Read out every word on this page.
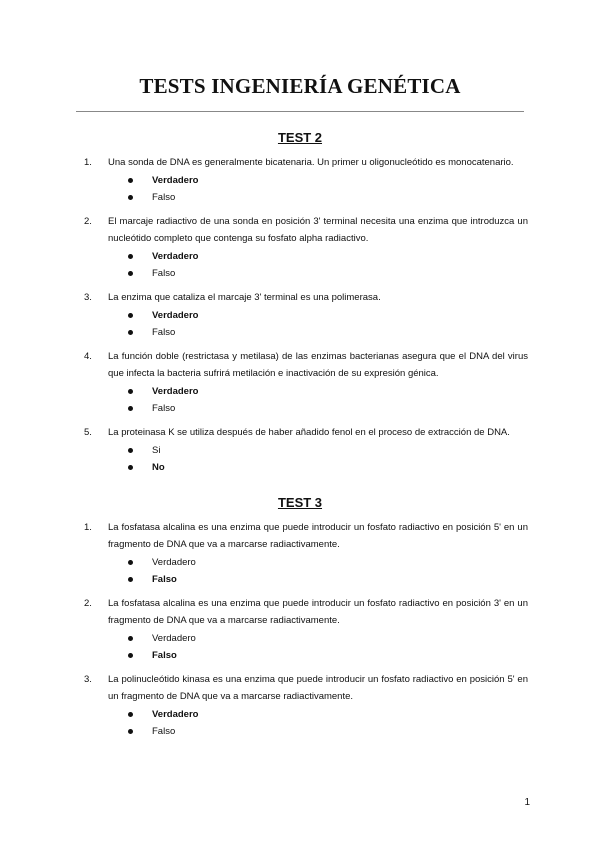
TESTS INGENIERÍA GENÉTICA
TEST 2
1. Una sonda de DNA es generalmente bicatenaria. Un primer u oligonucleótido es monocatenario.

Verdadero
Falso
2. El marcaje radiactivo de una sonda en posición 3' terminal necesita una enzima que introduzca un nucleótido completo que contenga su fosfato alpha radiactivo.

Verdadero
Falso
3. La enzima que cataliza el marcaje 3' terminal es una polimerasa.

Verdadero
Falso
4. La función doble (restrictasa y metilasa) de las enzimas bacterianas asegura que el DNA del virus que infecta la bacteria sufrirá metilación e inactivación de su expresión génica.

Verdadero
Falso
5. La proteinasa K se utiliza después de haber añadido fenol en el proceso de extracción de DNA.

Si
No
TEST 3
1. La fosfatasa alcalina es una enzima que puede introducir un fosfato radiactivo en posición 5' en un fragmento de DNA que va a marcarse radiactivamente.

Verdadero
Falso
2. La fosfatasa alcalina es una enzima que puede introducir un fosfato radiactivo en posición 3' en un fragmento de DNA que va a marcarse radiactivamente.

Verdadero
Falso
3. La polinucleótido kinasa es una enzima que puede introducir un fosfato radiactivo en posición 5' en un fragmento de DNA que va a marcarse radiactivamente.

Verdadero
Falso
1
